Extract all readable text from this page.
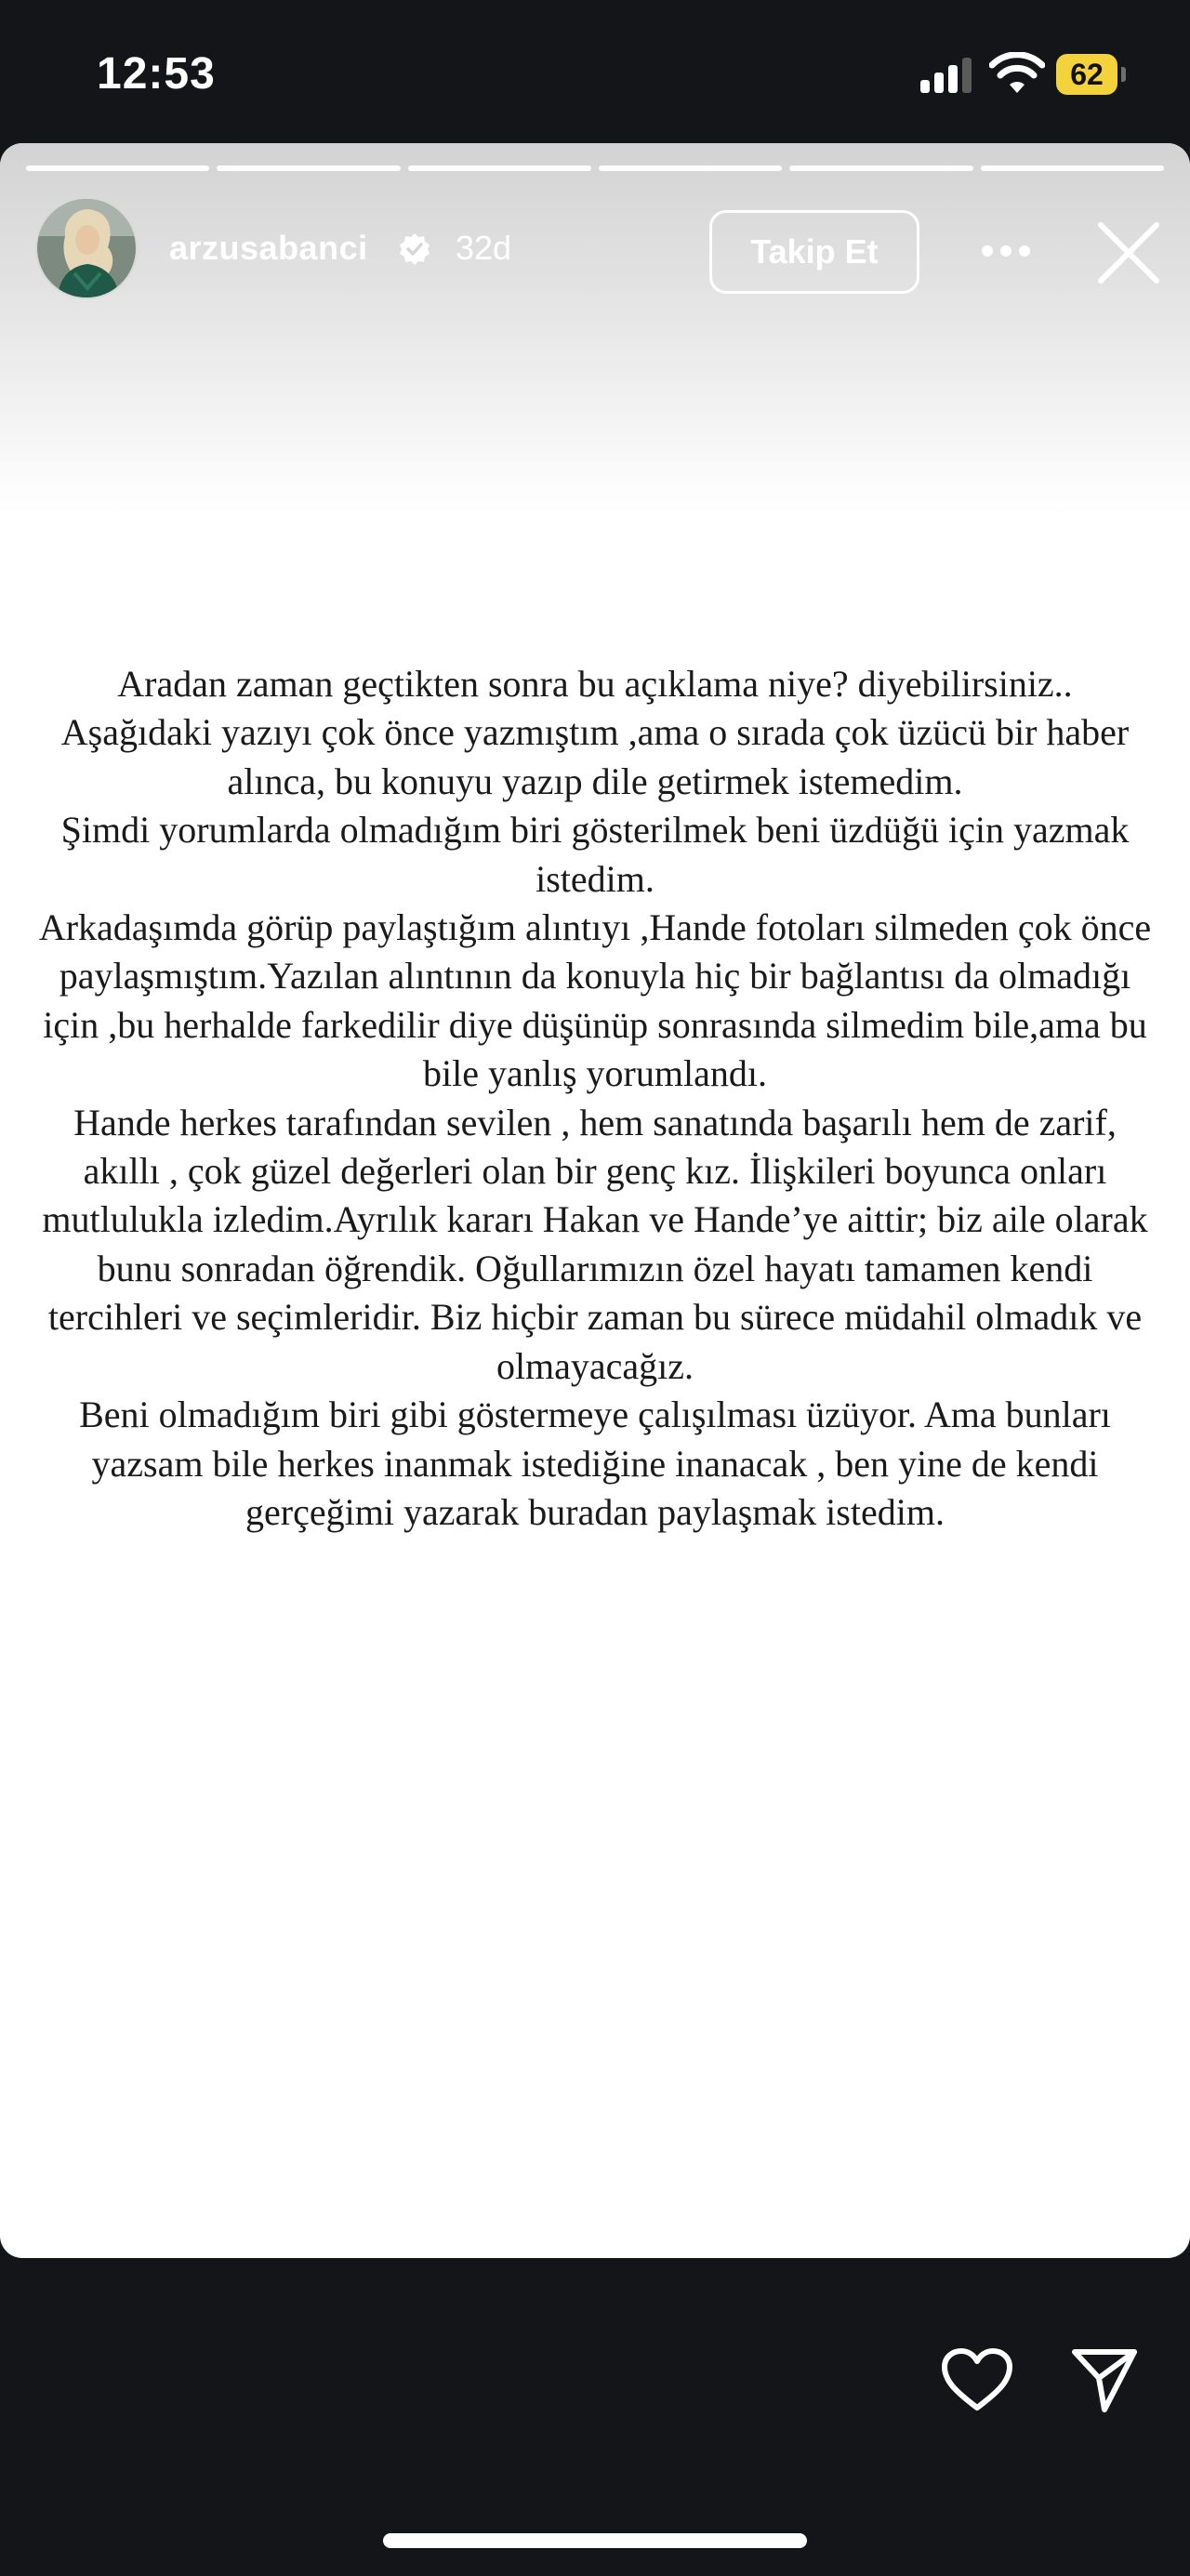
12:53	62
arzusabanci	32d	Takip Et

Aradan zaman geçtikten sonra bu açıklama niye? diyebilirsiniz..

Aşağıdaki yazıyı çok önce yazmıştım ,ama o sırada çok üzücü bir haber alınca, bu konuyu yazıp dile getirmek istemedim.

Şimdi yorumlarda olmadığım biri gösterilmek beni üzdüğü için yazmak istedim.

Arkadaşımda görüp paylaştığım alıntıyı ,Hande fotoları silmeden çok önce paylaşmıştım.Yazılan alıntının da konuyla hiç bir bağlantısı da olmadığı için ,bu herhalde farkedilir diye düşünüp sonrasında silmedim bile,ama bu bile yanlış yorumlandı.

Hande herkes tarafından sevilen , hem sanatında başarılı hem de zarif, akıllı , çok güzel değerleri olan bir genç kız. İlişkileri boyunca onları mutlulukla izledim.Ayrılık kararı Hakan ve Hande’ye aittir; biz aile olarak bunu sonradan öğrendik. Oğullarımızın özel hayatı tamamen kendi tercihleri ve seçimleridir. Biz hiçbir zaman bu sürece müdahil olmadık ve olmayacağız.

Beni olmadığım biri gibi göstermeye çalışılması üzüyor. Ama bunları yazsam bile herkes inanmak istediğine inanacak , ben yine de kendi gerçeğimi yazarak buradan paylaşmak istedim.
